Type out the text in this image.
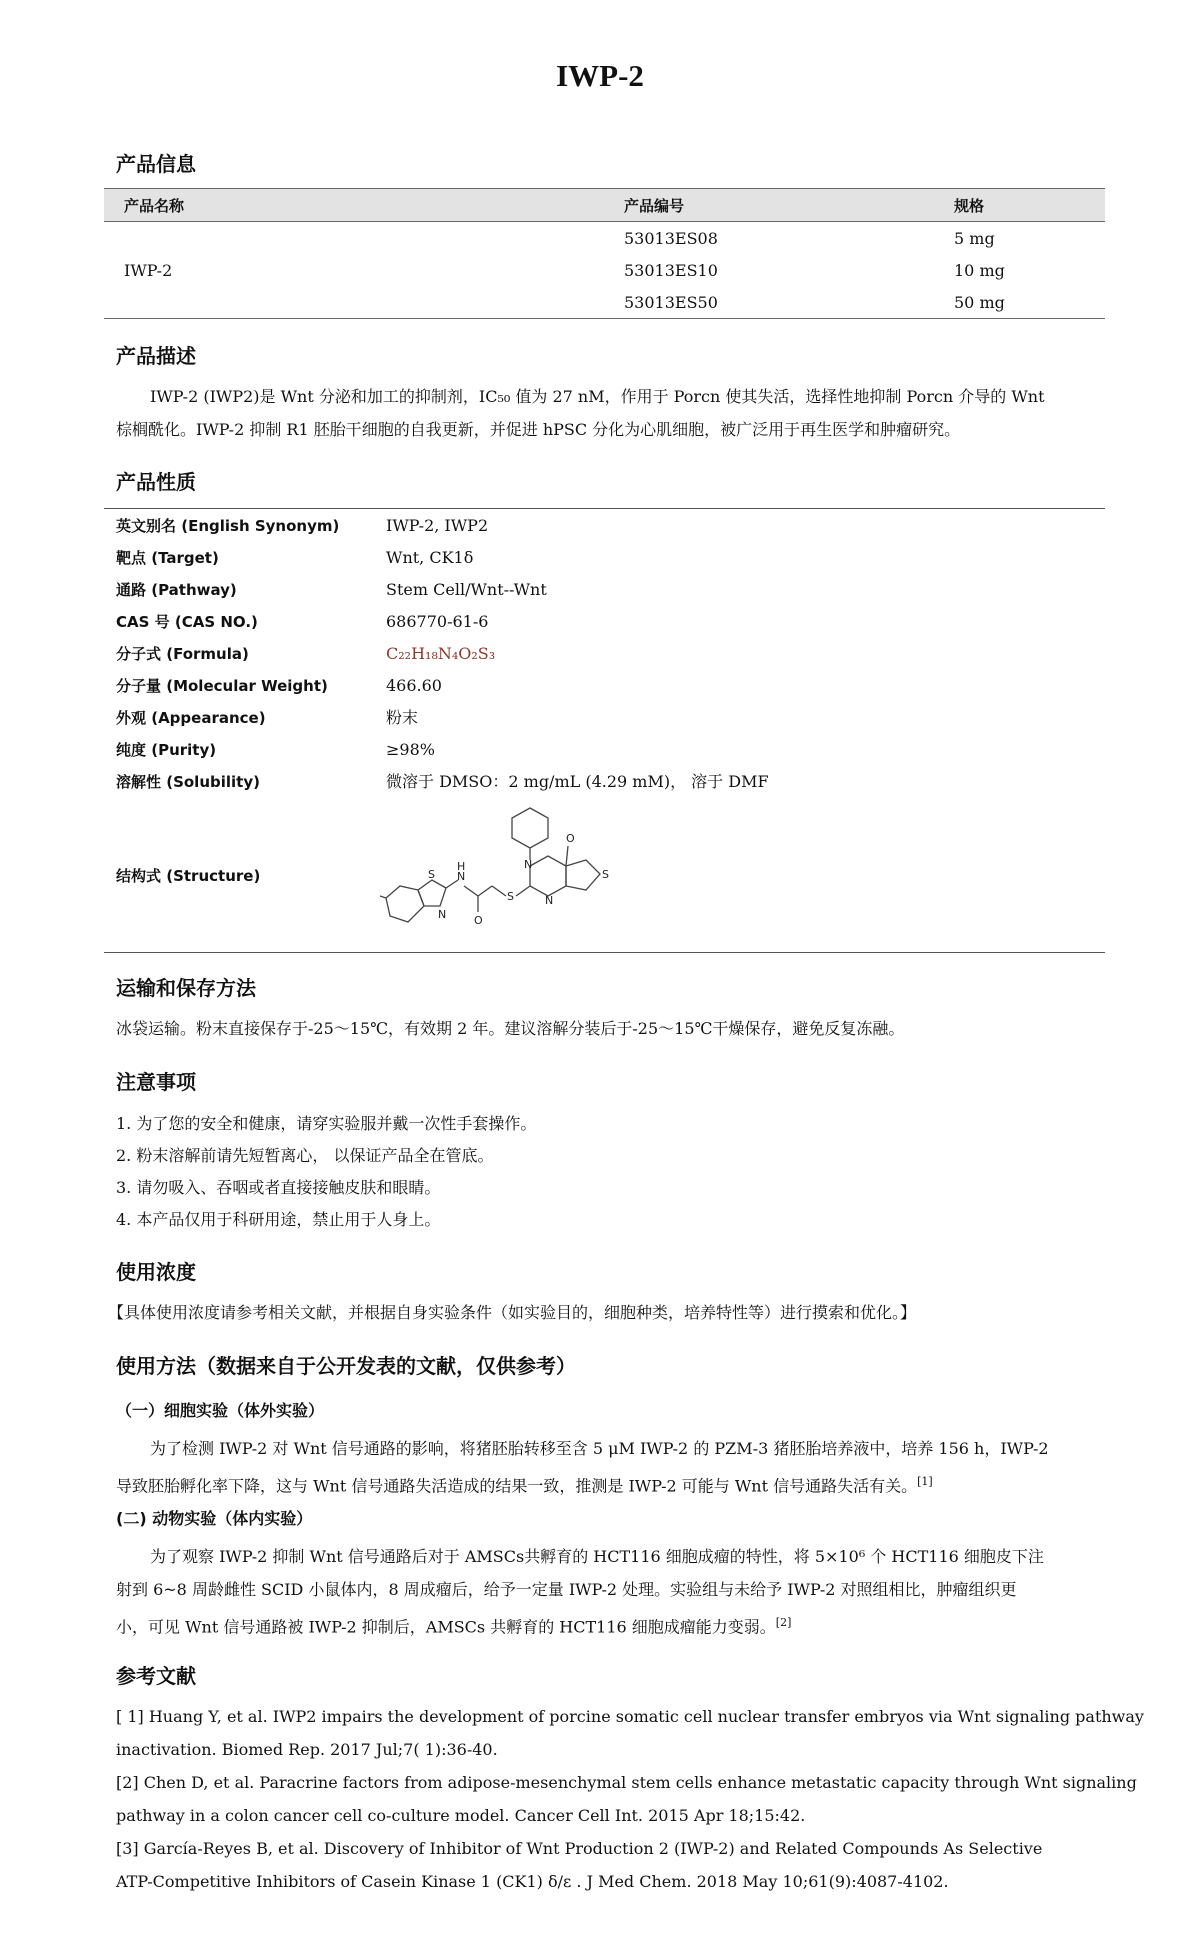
IWP-2
产品信息
产品名称	产品编号	规格
IWP-2	53013ES08	5 mg
	53013ES10	10 mg
	53013ES50	50 mg
产品描述
IWP-2 (IWP2)是 Wnt 分泌和加工的抑制剂，IC₅₀ 值为 27 nM，作用于 Porcn 使其失活，选择性地抑制 Porcn 介导的 Wnt
棕榈酰化。IWP-2 抑制 R1 胚胎干细胞的自我更新，并促进 hPSC 分化为心肌细胞，被广泛用于再生医学和肿瘤研究。
产品性质
英文别名 (English Synonym)	IWP-2, IWP2
靶点 (Target)	Wnt, CK1δ
通路 (Pathway)	Stem Cell/Wnt--Wnt
CAS 号 (CAS NO.)	686770-61-6
分子式 (Formula)	C₂₂H₁₈N₄O₂S₃
分子量 (Molecular Weight)	466.60
外观 (Appearance)	粉末
纯度 (Purity)	≥98%
溶解性 (Solubility)	微溶于 DMSO：2 mg/mL (4.29 mM)， 溶于 DMF
结构式 (Structure)
O
N
N
S
S
O
N
H
S
N
运输和保存方法
冰袋运输。粉末直接保存于-25～15℃，有效期 2 年。建议溶解分装后于-25～15℃干燥保存，避免反复冻融。
注意事项
1. 为了您的安全和健康，请穿实验服并戴一次性手套操作。
2. 粉末溶解前请先短暂离心， 以保证产品全在管底。
3. 请勿吸入、吞咽或者直接接触皮肤和眼睛。
4. 本产品仅用于科研用途，禁止用于人身上。
使用浓度
【具体使用浓度请参考相关文献，并根据自身实验条件（如实验目的，细胞种类，培养特性等）进行摸索和优化。】
使用方法（数据来自于公开发表的文献，仅供参考）
（一）细胞实验（体外实验）
为了检测 IWP-2 对 Wnt 信号通路的影响，将猪胚胎转移至含 5 μM IWP-2 的 PZM-3 猪胚胎培养液中，培养 156 h，IWP-2
导致胚胎孵化率下降，这与 Wnt 信号通路失活造成的结果一致，推测是 IWP-2 可能与 Wnt 信号通路失活有关。[1]
(二) 动物实验（体内实验）
为了观察 IWP-2 抑制 Wnt 信号通路后对于 AMSCs共孵育的 HCT116 细胞成瘤的特性，将 5×10⁶ 个 HCT116 细胞皮下注
射到 6~8 周龄雌性 SCID 小鼠体内，8 周成瘤后，给予一定量 IWP-2 处理。实验组与未给予 IWP-2 对照组相比，肿瘤组织更
小，可见 Wnt 信号通路被 IWP-2 抑制后，AMSCs 共孵育的 HCT116 细胞成瘤能力变弱。[2]
参考文献
[ 1] Huang Y, et al. IWP2 impairs the development of porcine somatic cell nuclear transfer embryos via Wnt signaling pathway
inactivation. Biomed Rep. 2017 Jul;7( 1):36-40.
[2] Chen D, et al. Paracrine factors from adipose-mesenchymal stem cells enhance metastatic capacity through Wnt signaling
pathway in a colon cancer cell co-culture model. Cancer Cell Int. 2015 Apr 18;15:42.
[3] García-Reyes B, et al. Discovery of Inhibitor of Wnt Production 2 (IWP-2) and Related Compounds As Selective
ATP-Competitive Inhibitors of Casein Kinase 1 (CK1) δ/ε . J Med Chem. 2018 May 10;61(9):4087-4102.
